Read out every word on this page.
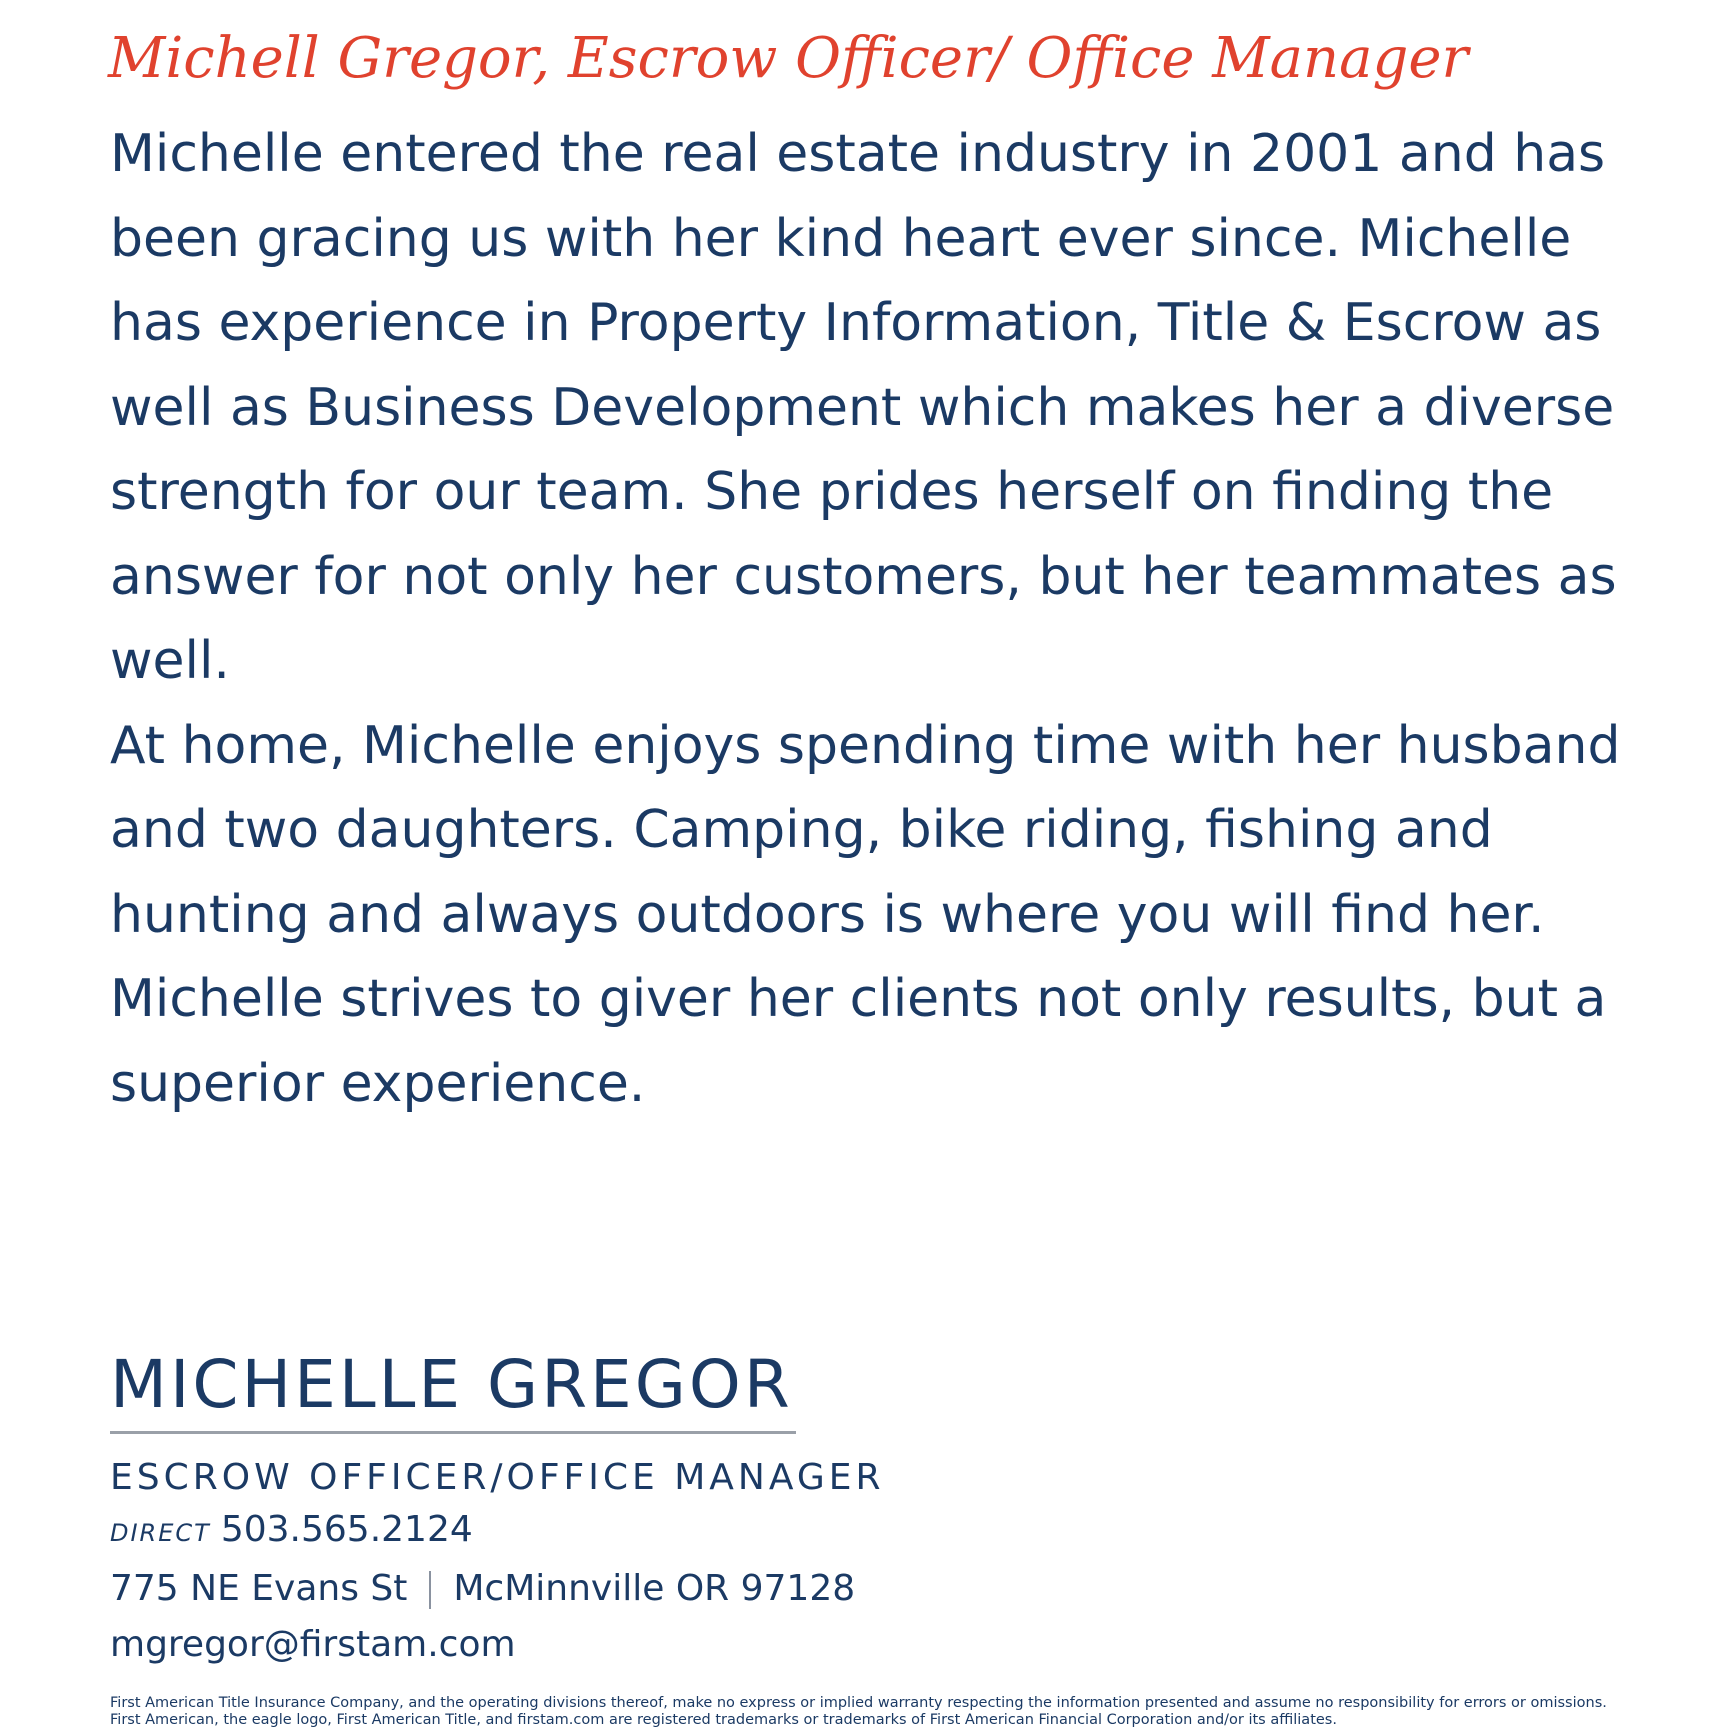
Michell Gregor, Escrow Officer/ Office Manager
Michelle entered the real estate industry in 2001 and has
been gracing us with her kind heart ever since. Michelle
has experience in Property Information, Title & Escrow as
well as Business Development which makes her a diverse
strength for our team. She prides herself on finding the
answer for not only her customers, but her teammates as
well.
At home, Michelle enjoys spending time with her husband
and two daughters. Camping, bike riding, fishing and
hunting and always outdoors is where you will find her.
Michelle strives to giver her clients not only results, but a
superior experience.
MICHELLE GREGOR
ESCROW OFFICER/OFFICE MANAGER
DIRECT 503.565.2124
775 NE Evans St McMinnville OR 97128
mgregor@firstam.com
First American Title Insurance Company, and the operating divisions thereof, make no express or implied warranty respecting the information presented and assume no responsibility for errors or omissions. First American, the eagle logo, First American Title, and firstam.com are registered trademarks or trademarks of First American Financial Corporation and/or its affiliates.
